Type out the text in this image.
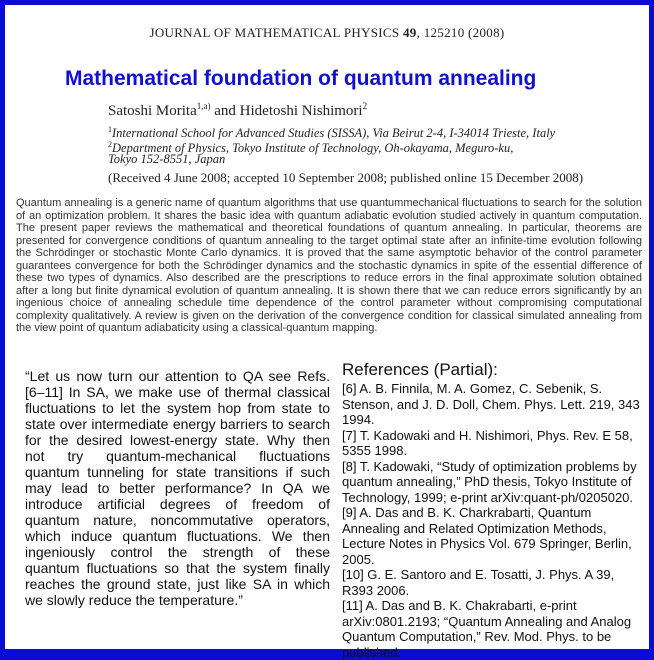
JOURNAL OF MATHEMATICAL PHYSICS 49, 125210 (2008)
Mathematical foundation of quantum annealing
Satoshi Morita$^{1,a)}$ and Hidetoshi Nishimori$^2$
$^1$International School for Advanced Studies (SISSA), Via Beirut 2-4, I-34014 Trieste, Italy
$^2$Department of Physics, Tokyo Institute of Technology, Oh-okayama, Meguro-ku,
Tokyo 152-8551, Japan
(Received 4 June 2008; accepted 10 September 2008; published online 15 December 2008)
Quantum annealing is a generic name of quantum algorithms that use quantummechanical fluctuations to search for the solution of an optimization problem. It shares the basic idea with quantum adiabatic evolution studied actively in quantum computation. The present paper reviews the mathematical and theoretical foundations of quantum annealing. In particular, theorems are presented for convergence conditions of quantum annealing to the target optimal state after an infinite-time evolution following the Schrödinger or stochastic Monte Carlo dynamics. It is proved that the same asymptotic behavior of the control parameter guarantees convergence for both the Schrödinger dynamics and the stochastic dynamics in spite of the essential difference of these two types of dynamics. Also described are the prescriptions to reduce errors in the final approximate solution obtained after a long but finite dynamical evolution of quantum annealing. It is shown there that we can reduce errors significantly by an ingenious choice of annealing schedule time dependence of the control parameter without compromising computational complexity qualitatively. A review is given on the derivation of the convergence condition for classical simulated annealing from the view point of quantum adiabaticity using a classical-quantum mapping.
“Let us now turn our attention to QA see Refs. [6–11] In SA, we make use of thermal classical fluctuations to let the system hop from state to state over intermediate energy barriers to search for the desired lowest-energy state. Why then not try quantum-mechanical fluctuations quantum tunneling for state transitions if such may lead to better performance? In QA we introduce artificial degrees of freedom of quantum nature, noncommutative operators, which induce quantum fluctuations. We then ingeniously control the strength of these quantum fluctuations so that the system finally reaches the ground state, just like SA in which we slowly reduce the temperature.”
References (Partial):
[6] A. B. Finnila, M. A. Gomez, C. Sebenik, S. Stenson, and J. D. Doll, Chem. Phys. Lett. 219, 343 1994.
[7] T. Kadowaki and H. Nishimori, Phys. Rev. E 58, 5355 1998.
[8] T. Kadowaki, “Study of optimization problems by quantum annealing,” PhD thesis, Tokyo Institute of Technology, 1999; e-print arXiv:quant-ph/0205020.
[9] A. Das and B. K. Charkrabarti, Quantum Annealing and Related Optimization Methods, Lecture Notes in Physics Vol. 679 Springer, Berlin, 2005.
[10] G. E. Santoro and E. Tosatti, J. Phys. A 39, R393 2006.
[11] A. Das and B. K. Chakrabarti, e-print arXiv:0801.2193; “Quantum Annealing and Analog Quantum Computation,” Rev. Mod. Phys. to be published.
